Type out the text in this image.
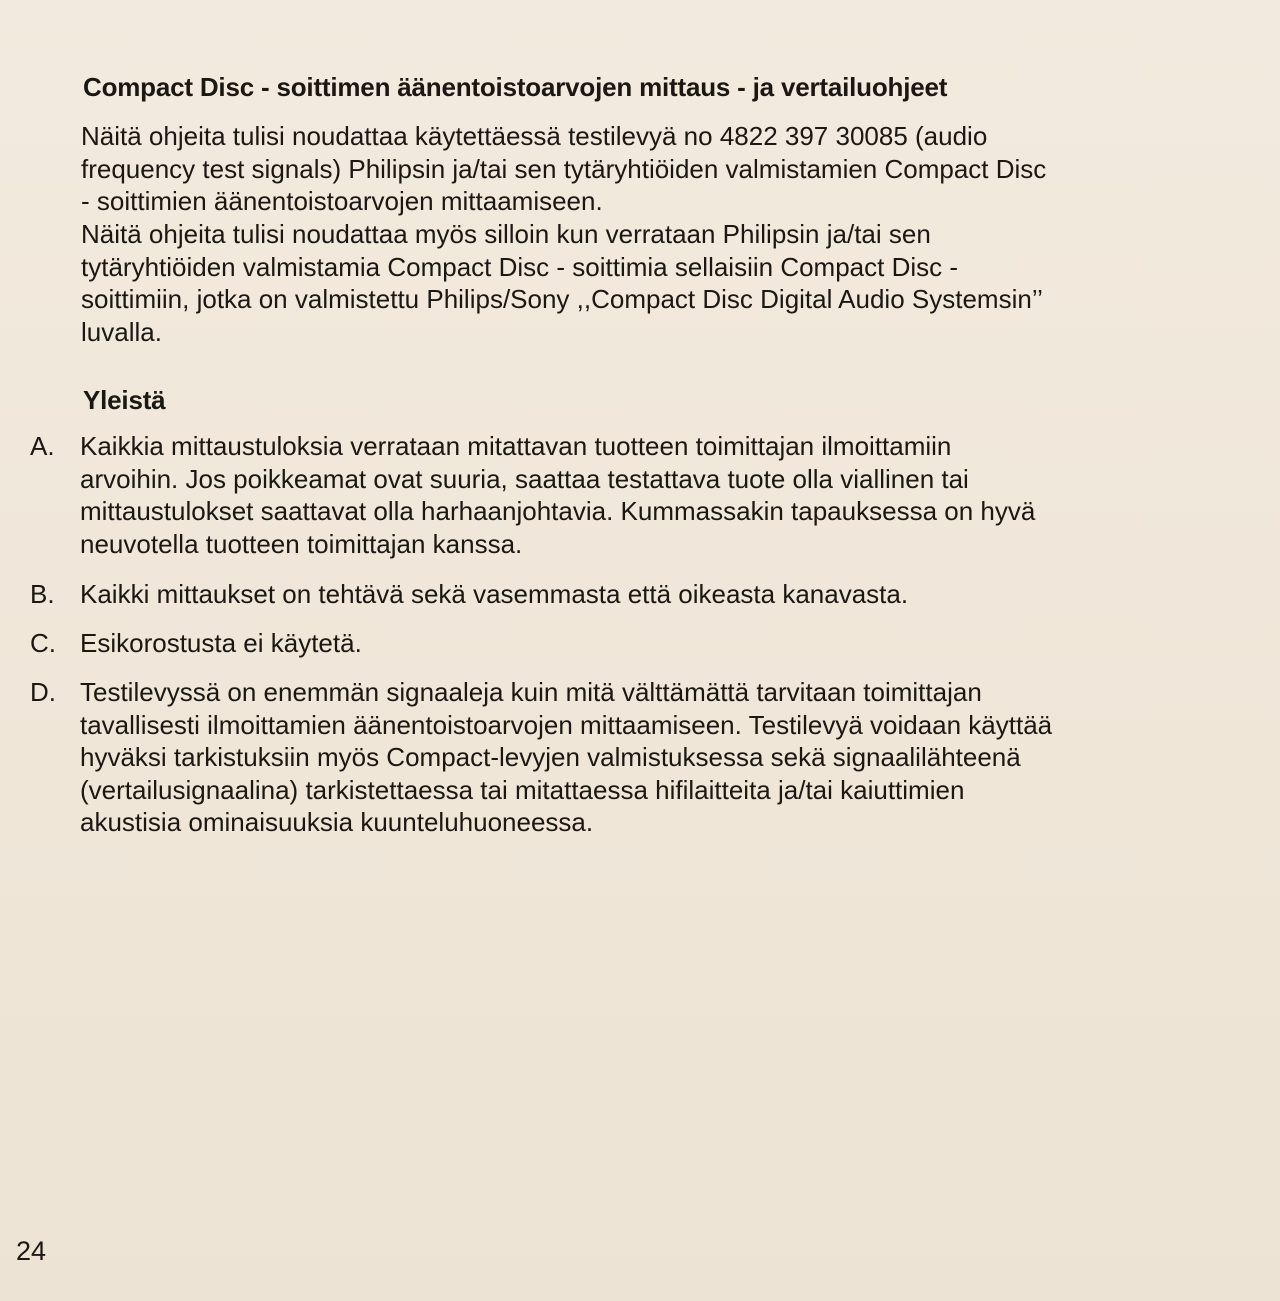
Compact Disc - soittimen äänentoistoarvojen mittaus - ja vertailuohjeet
Näitä ohjeita tulisi noudattaa käytettäessä testilevyä no 4822 397 30085 (audio
frequency test signals) Philipsin ja/tai sen tytäryhtiöiden valmistamien Compact Disc
- soittimien äänentoistoarvojen mittaamiseen.
Näitä ohjeita tulisi noudattaa myös silloin kun verrataan Philipsin ja/tai sen
tytäryhtiöiden valmistamia Compact Disc - soittimia sellaisiin Compact Disc -
soittimiin, jotka on valmistettu Philips/Sony ,,Compact Disc Digital Audio Systemsin’’
luvalla.
Yleistä
A. Kaikkia mittaustuloksia verrataan mitattavan tuotteen toimittajan ilmoittamiin
arvoihin. Jos poikkeamat ovat suuria, saattaa testattava tuote olla viallinen tai
mittaustulokset saattavat olla harhaanjohtavia. Kummassakin tapauksessa on hyvä
neuvotella tuotteen toimittajan kanssa.
B. Kaikki mittaukset on tehtävä sekä vasemmasta että oikeasta kanavasta.
C. Esikorostusta ei käytetä.
D. Testilevyssä on enemmän signaaleja kuin mitä välttämättä tarvitaan toimittajan
tavallisesti ilmoittamien äänentoistoarvojen mittaamiseen. Testilevyä voidaan käyttää
hyväksi tarkistuksiin myös Compact-levyjen valmistuksessa sekä signaalilähteenä
(vertailusignaalina) tarkistettaessa tai mitattaessa hifilaitteita ja/tai kaiuttimien
akustisia ominaisuuksia kuunteluhuoneessa.
24
